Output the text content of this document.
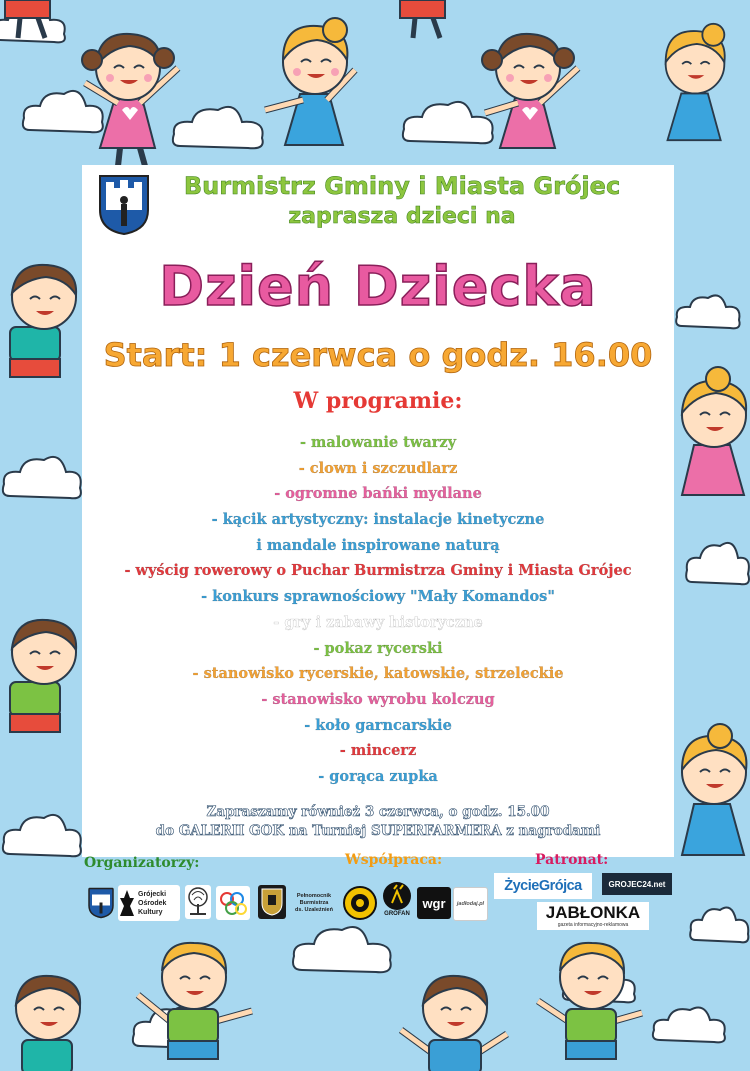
Burmistrz Gminy i Miasta Grójec
zaprasza dzieci na
Dzień Dziecka
Start: 1 czerwca o godz. 16.00
W programie:
- malowanie twarzy
- clown i szczudlarz
- ogromne bańki mydlane
- kącik artystyczny: instalacje kinetyczne
i mandale inspirowane naturą
- wyścig rowerowy o Puchar Burmistrza Gminy i Miasta Grójec
- konkurs sprawnościowy "Mały Komandos"
- gry i zabawy historyczne
- pokaz rycerski
- stanowisko rycerskie, katowskie, strzeleckie
- stanowisko wyrobu kolczug
- koło garncarskie
- mincerz
- gorąca zupka
Zapraszamy również 3 czerwca, o godz. 15.00
do GALERII GOK na Turniej SUPERFARMERA z nagrodami
Organizatorzy:	Współpraca:	Patronat:
Grójecki
Ośrodek
Kultury
Pełnomocnik
Burmistrza
ds. Uzależnień
GROFAN
wgr jadłodaj.pl
ŻycieGrójca	GROJEC24.net
JABŁONKA
gazeta informacyjno-reklamowa
